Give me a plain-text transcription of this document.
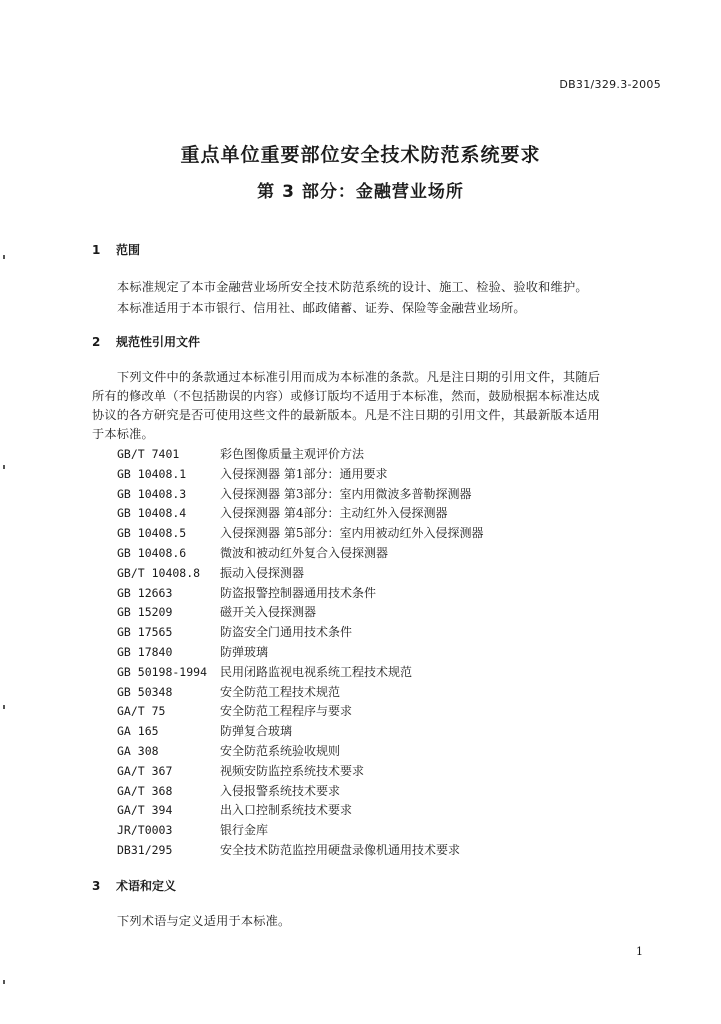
DB31/329.3-2005
重点单位重要部位安全技术防范系统要求
第 3 部分：金融营业场所
1 范围
本标准规定了本市金融营业场所安全技术防范系统的设计、施工、检验、验收和维护。
本标准适用于本市银行、信用社、邮政储蓄、证券、保险等金融营业场所。
2 规范性引用文件
下列文件中的条款通过本标准引用而成为本标准的条款。凡是注日期的引用文件，其随后
所有的修改单（不包括勘误的内容）或修订版均不适用于本标准，然而，鼓励根据本标准达成
协议的各方研究是否可使用这些文件的最新版本。凡是不注日期的引用文件，其最新版本适用
于本标准。
GB/T 7401	彩色图像质量主观评价方法
GB 10408.1	入侵探测器 第1部分：通用要求
GB 10408.3	入侵探测器 第3部分：室内用微波多普勒探测器
GB 10408.4	入侵探测器 第4部分：主动红外入侵探测器
GB 10408.5	入侵探测器 第5部分：室内用被动红外入侵探测器
GB 10408.6	微波和被动红外复合入侵探测器
GB/T 10408.8 振动入侵探测器
GB 12663	防盗报警控制器通用技术条件
GB 15209	磁开关入侵探测器
GB 17565	防盗安全门通用技术条件
GB 17840	防弹玻璃
GB 50198-1994 民用闭路监视电视系统工程技术规范
GB 50348	安全防范工程技术规范
GA/T 75	安全防范工程程序与要求
GA 165	防弹复合玻璃
GA 308	安全防范系统验收规则
GA/T 367	视频安防监控系统技术要求
GA/T 368	入侵报警系统技术要求
GA/T 394	出入口控制系统技术要求
JR/T0003	银行金库
DB31/295	安全技术防范监控用硬盘录像机通用技术要求
3 术语和定义
下列术语与定义适用于本标准。
1
